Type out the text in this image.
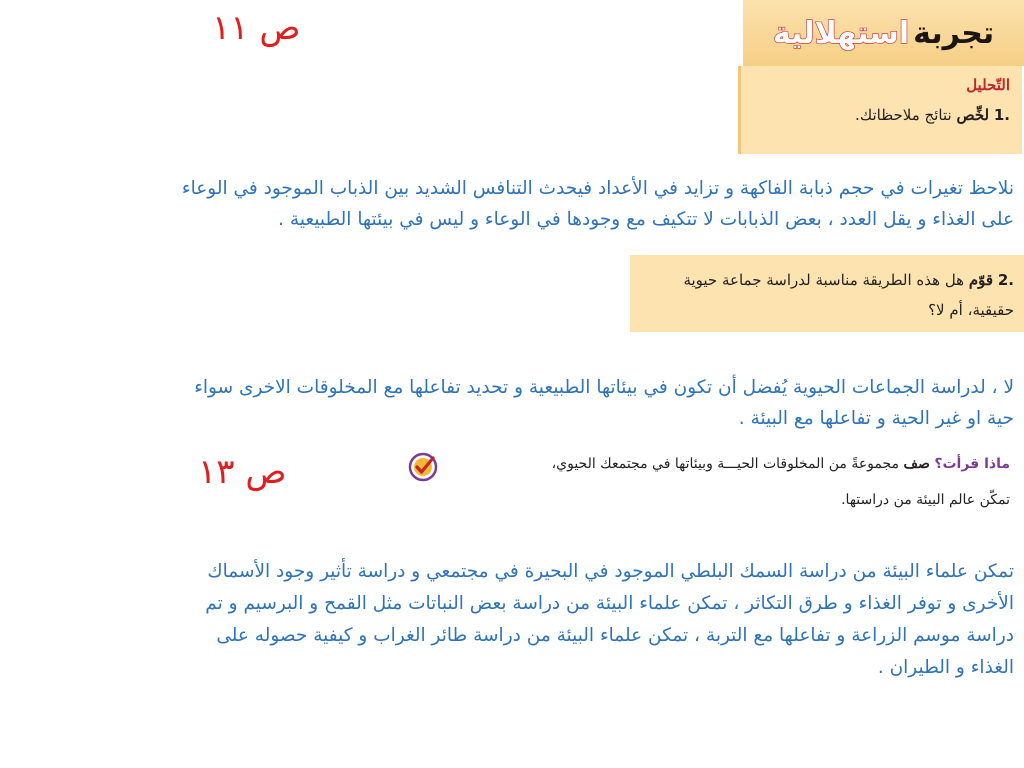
تجربة
استهلالية
ص ١١
التّحليل
.1 لخِّص نتائج ملاحظاتك.
نلاحظ تغيرات في حجم ذبابة الفاكهة و تزايد في الأعداد فيحدث التنافس الشديد بين الذباب الموجود في الوعاء
على الغذاء و يقل العدد ، بعض الذبابات لا تتكيف مع وجودها في الوعاء و ليس في بيئتها الطبيعية .
.2 قوّم هل هذه الطريقة مناسبة لدراسة جماعة حيوية
حقيقية، أم لا؟
لا ، لدراسة الجماعات الحيوية يُفضل أن تكون في بيئاتها الطبيعية و تحديد تفاعلها مع المخلوقات الاخرى سواء
حية او غير الحية و تفاعلها مع البيئة .
ص ١٣	ماذا قرأت؟ صف مجموعةً من المخلوقات الحيـــة وبيئاتها في مجتمعك الحيوي،
تمكّن عالم البيئة من دراستها.
تمكن علماء البيئة من دراسة السمك البلطي الموجود في البحيرة في مجتمعي و دراسة تأثير وجود الأسماك
الأخرى و توفر الغذاء و طرق التكاثر ، تمكن علماء البيئة من دراسة بعض النباتات مثل القمح و البرسيم و تم
دراسة موسم الزراعة و تفاعلها مع التربة ، تمكن علماء البيئة من دراسة طائر الغراب و كيفية حصوله على
الغذاء و الطيران .
